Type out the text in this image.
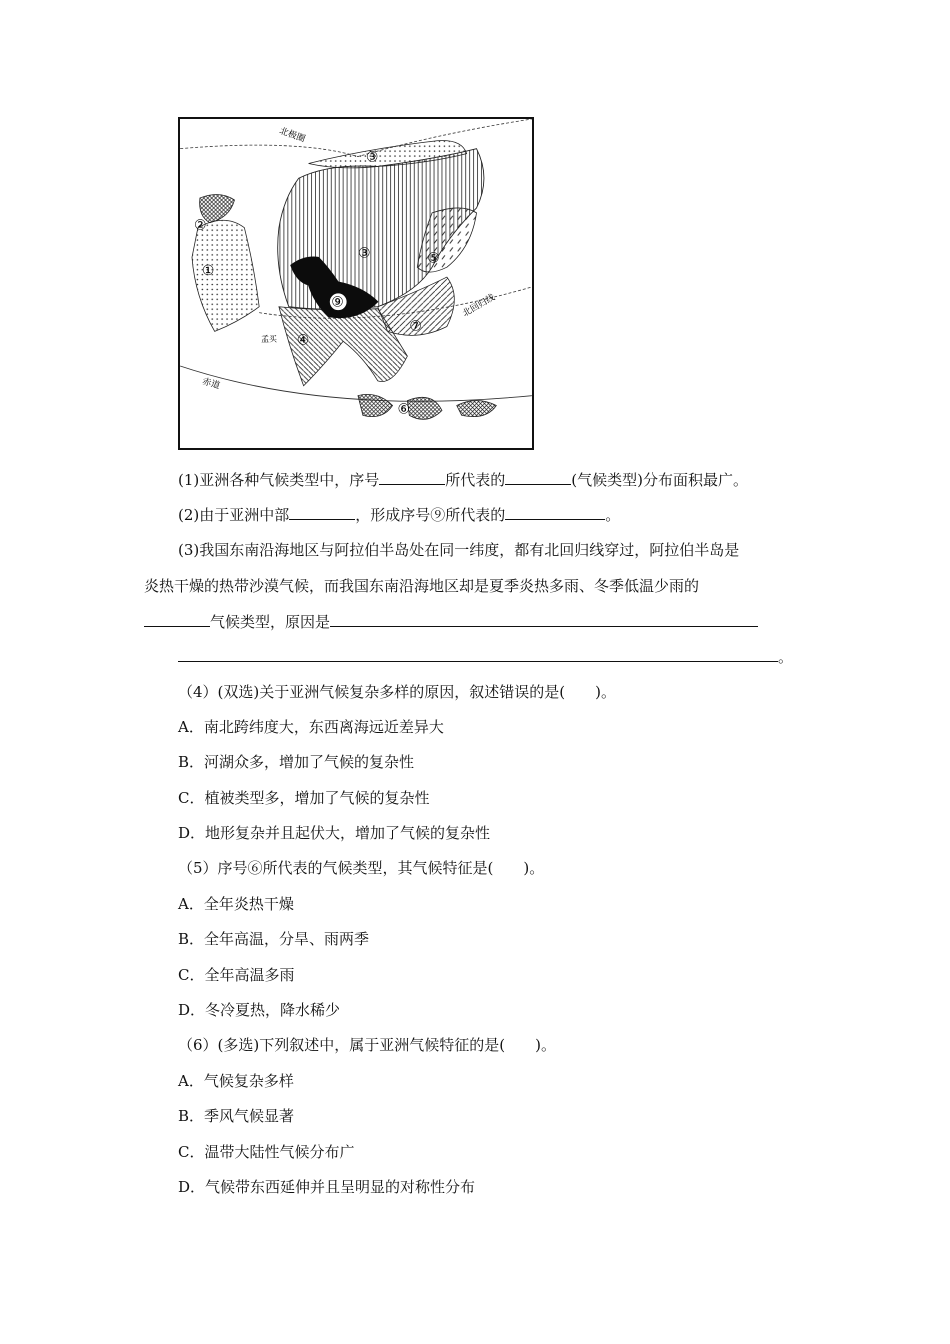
北极圈
北回归线
赤道
孟买
①
②
③
③
④
⑤
⑥
⑦
⑨
(1)亚洲各种气候类型中，序号	所代表的	(气候类型)分布面积最广。
(2)由于亚洲中部	，形成序号⑨所代表的	。
(3)我国东南沿海地区与阿拉伯半岛处在同一纬度，都有北回归线穿过，阿拉伯半岛是
炎热干燥的热带沙漠气候，而我国东南沿海地区却是夏季炎热多雨、冬季低温少雨的
气候类型，原因是
。
（4）(双选)关于亚洲气候复杂多样的原因，叙述错误的是(　　)。
A．南北跨纬度大，东西离海远近差异大
B．河湖众多，增加了气候的复杂性
C．植被类型多，增加了气候的复杂性
D．地形复杂并且起伏大，增加了气候的复杂性
（5）序号⑥所代表的气候类型，其气候特征是(　　)。
A．全年炎热干燥
B．全年高温，分旱、雨两季
C．全年高温多雨
D．冬冷夏热，降水稀少
（6）(多选)下列叙述中，属于亚洲气候特征的是(　　)。
A．气候复杂多样
B．季风气候显著
C．温带大陆性气候分布广
D．气候带东西延伸并且呈明显的对称性分布
